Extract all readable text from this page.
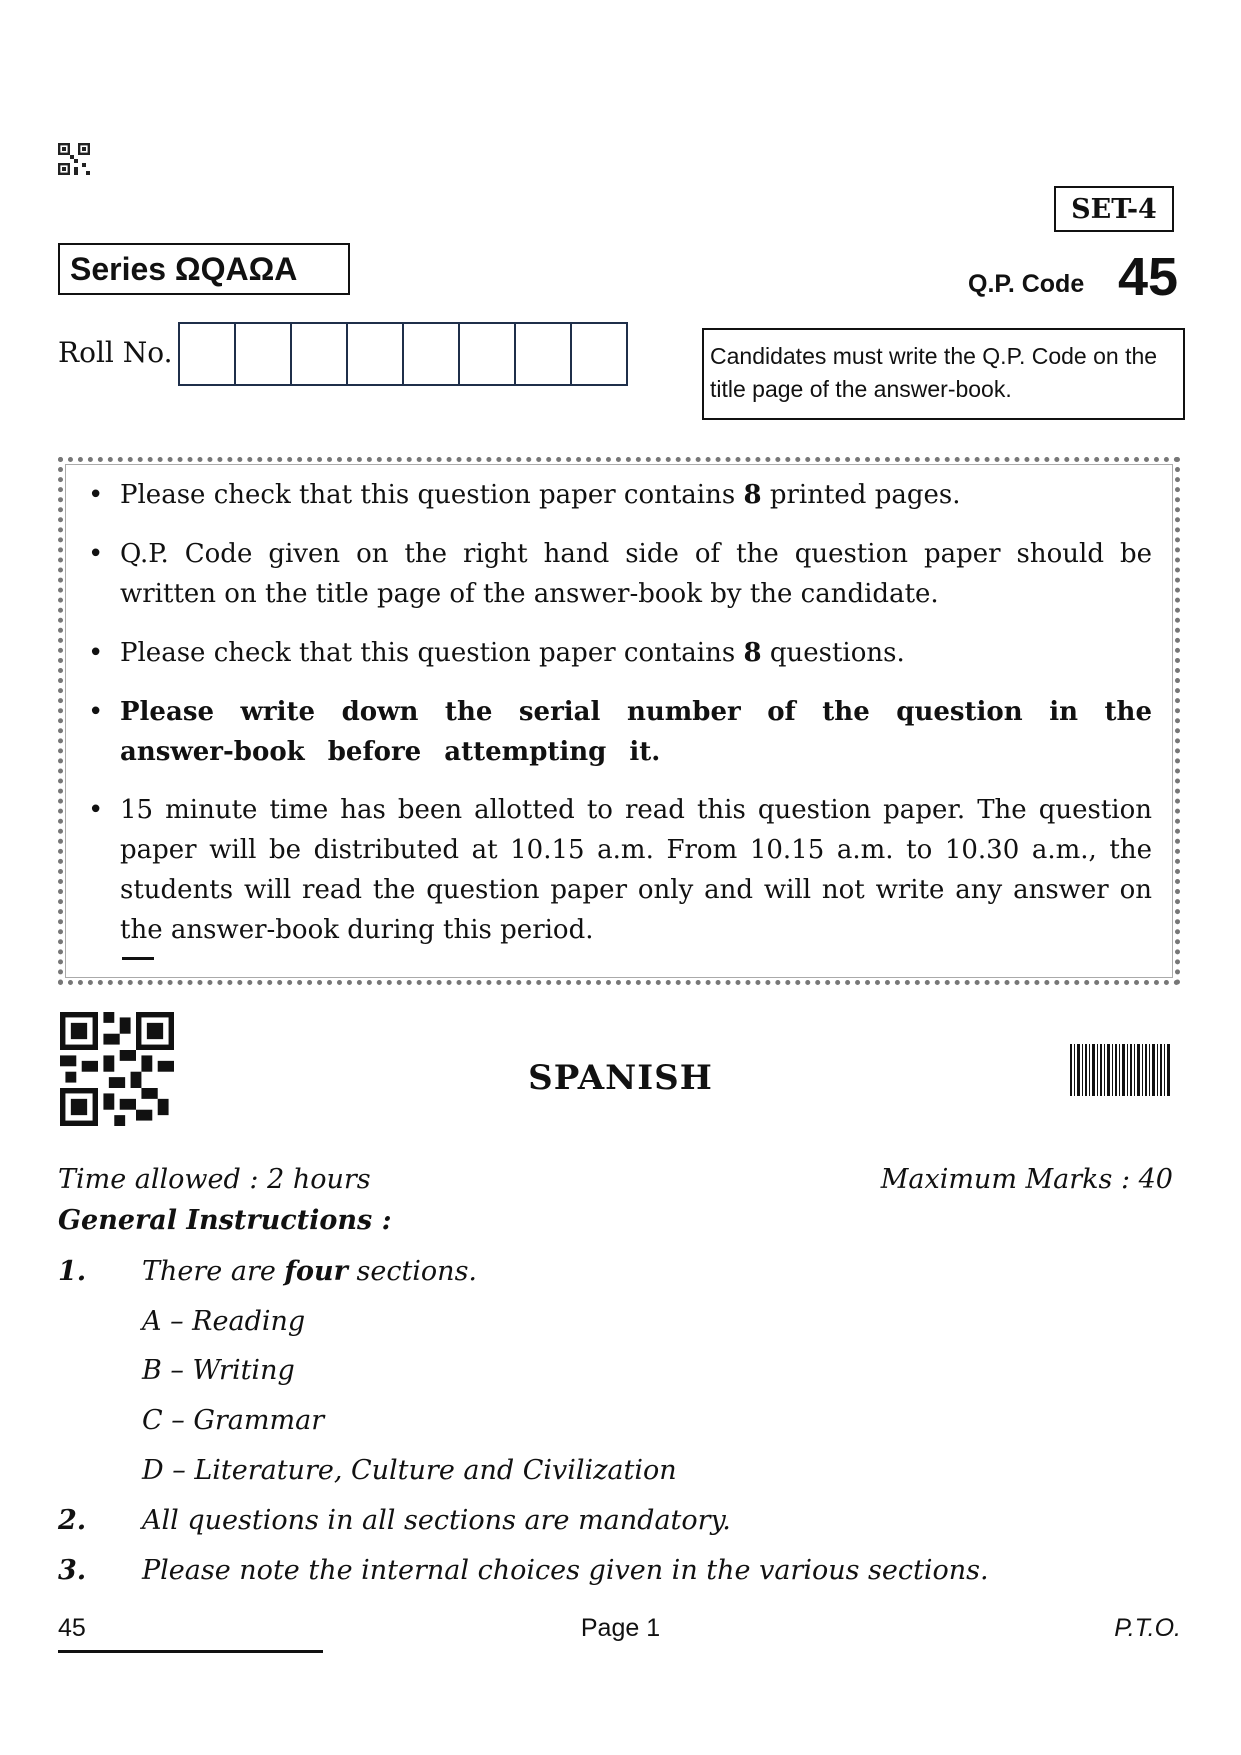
SET-4
Series ΩQAΩA	Q.P. Code 45
Roll No.	Candidates must write the Q.P. Code on the title page of the answer-book.
• Please check that this question paper contains 8 printed pages.
• Q.P. Code given on the right hand side of the question paper should be written on the title page of the answer-book by the candidate.
• Please check that this question paper contains 8 questions.
• Please write down the serial number of the question in the answer-book before attempting it.
• 15 minute time has been allotted to read this question paper. The question paper will be distributed at 10.15 a.m. From 10.15 a.m. to 10.30 a.m., the students will read the question paper only and will not write any answer on the answer-book during this period.
SPANISH
Time allowed : 2 hours	Maximum Marks : 40
General Instructions :
1. There are four sections.
A – Reading
B – Writing
C – Grammar
D – Literature, Culture and Civilization
2. All questions in all sections are mandatory.
3. Please note the internal choices given in the various sections.
45	Page 1	P.T.O.
